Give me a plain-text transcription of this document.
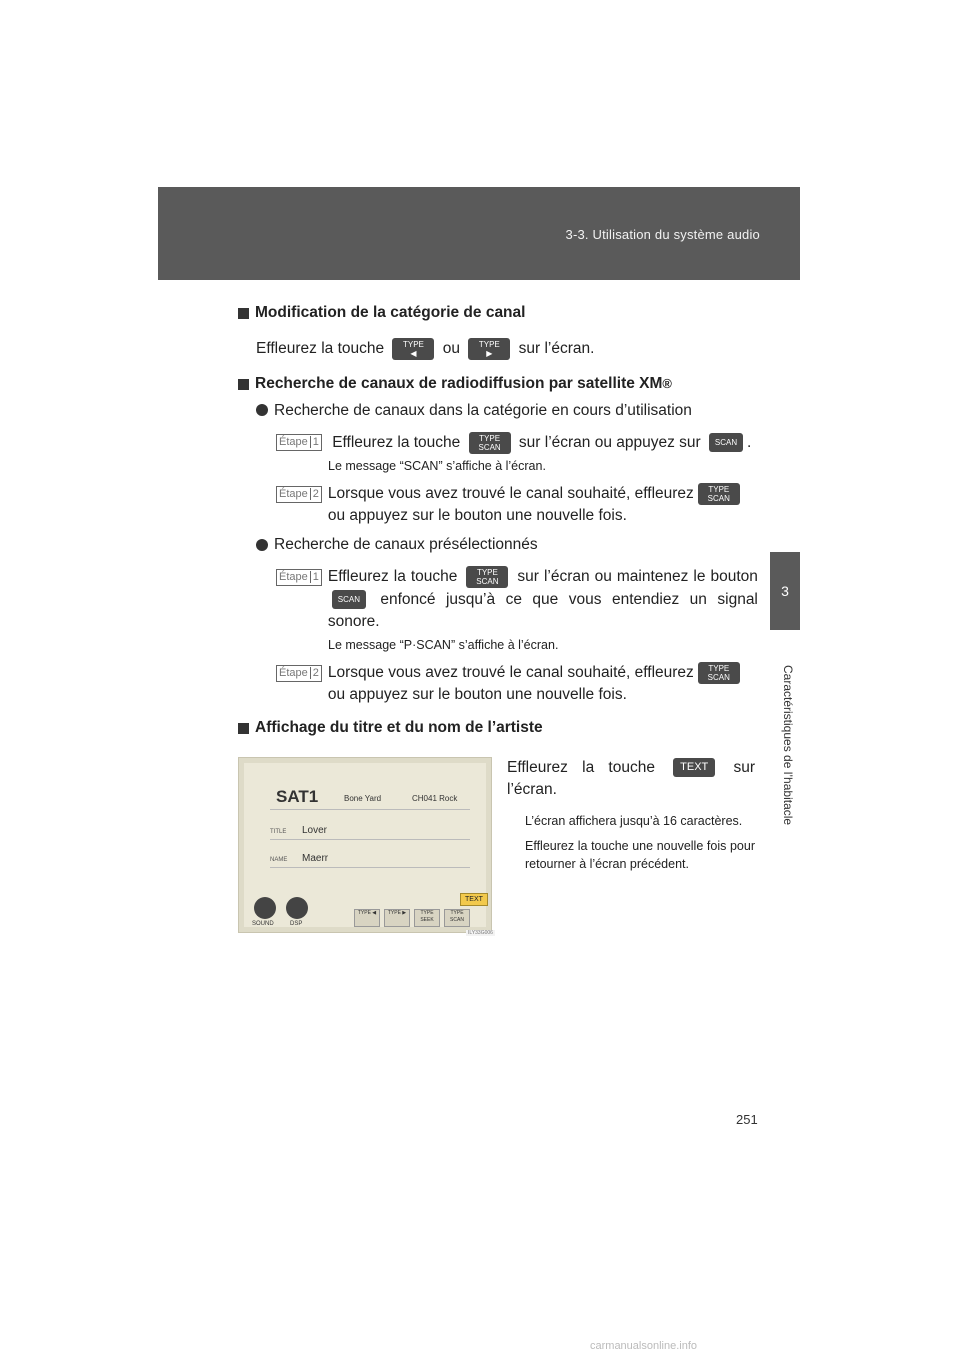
3-3. Utilisation du système audio
3
Caractéristiques de l’habitacle

Modification de la catégorie de canal

Effleurez la touche TYPE
◀ ou TYPE
▶ sur l’écran.

Recherche de canaux de radiodiffusion par satellite XM ®

Recherche de canaux dans la catégorie en cours d’utilisation

Étape 1 Effleurez la touche TYPE
SCAN sur l’écran ou appuyez sur SCAN .

Le message “SCAN” s’affiche à l’écran.

Étape 2 Lorsque vous avez trouvé le canal souhaité, effleurez TYPE
SCAN
ou appuyez sur le bouton une nouvelle fois.

Recherche de canaux présélectionnés

Étape 1 Effleurez la touche TYPE
SCAN sur l’écran ou maintenez le bouton SCAN enfoncé jusqu’à ce que vous entendiez un signal sonore.

Le message “P·SCAN” s’affiche à l’écran.

Étape 2 Lorsque vous avez trouvé le canal souhaité, effleurez TYPE
SCAN
ou appuyez sur le bouton une nouvelle fois.

Affichage du titre et du nom de l’artiste

SAT1	Bone Yard	CH041 Rock
TITLE Lover
NAME Maerr
TEXT
SOUND	DSP
TYPE ◀	TYPE ▶	TYPE SEEK
TYPE SCAN
ILY33G006
Effleurez la touche TEXT sur l’écran.

L’écran affichera jusqu’à 16 caractères.

Effleurez la touche une nouvelle fois pour retourner à l’écran précédent.

251
carmanualsonline.info
